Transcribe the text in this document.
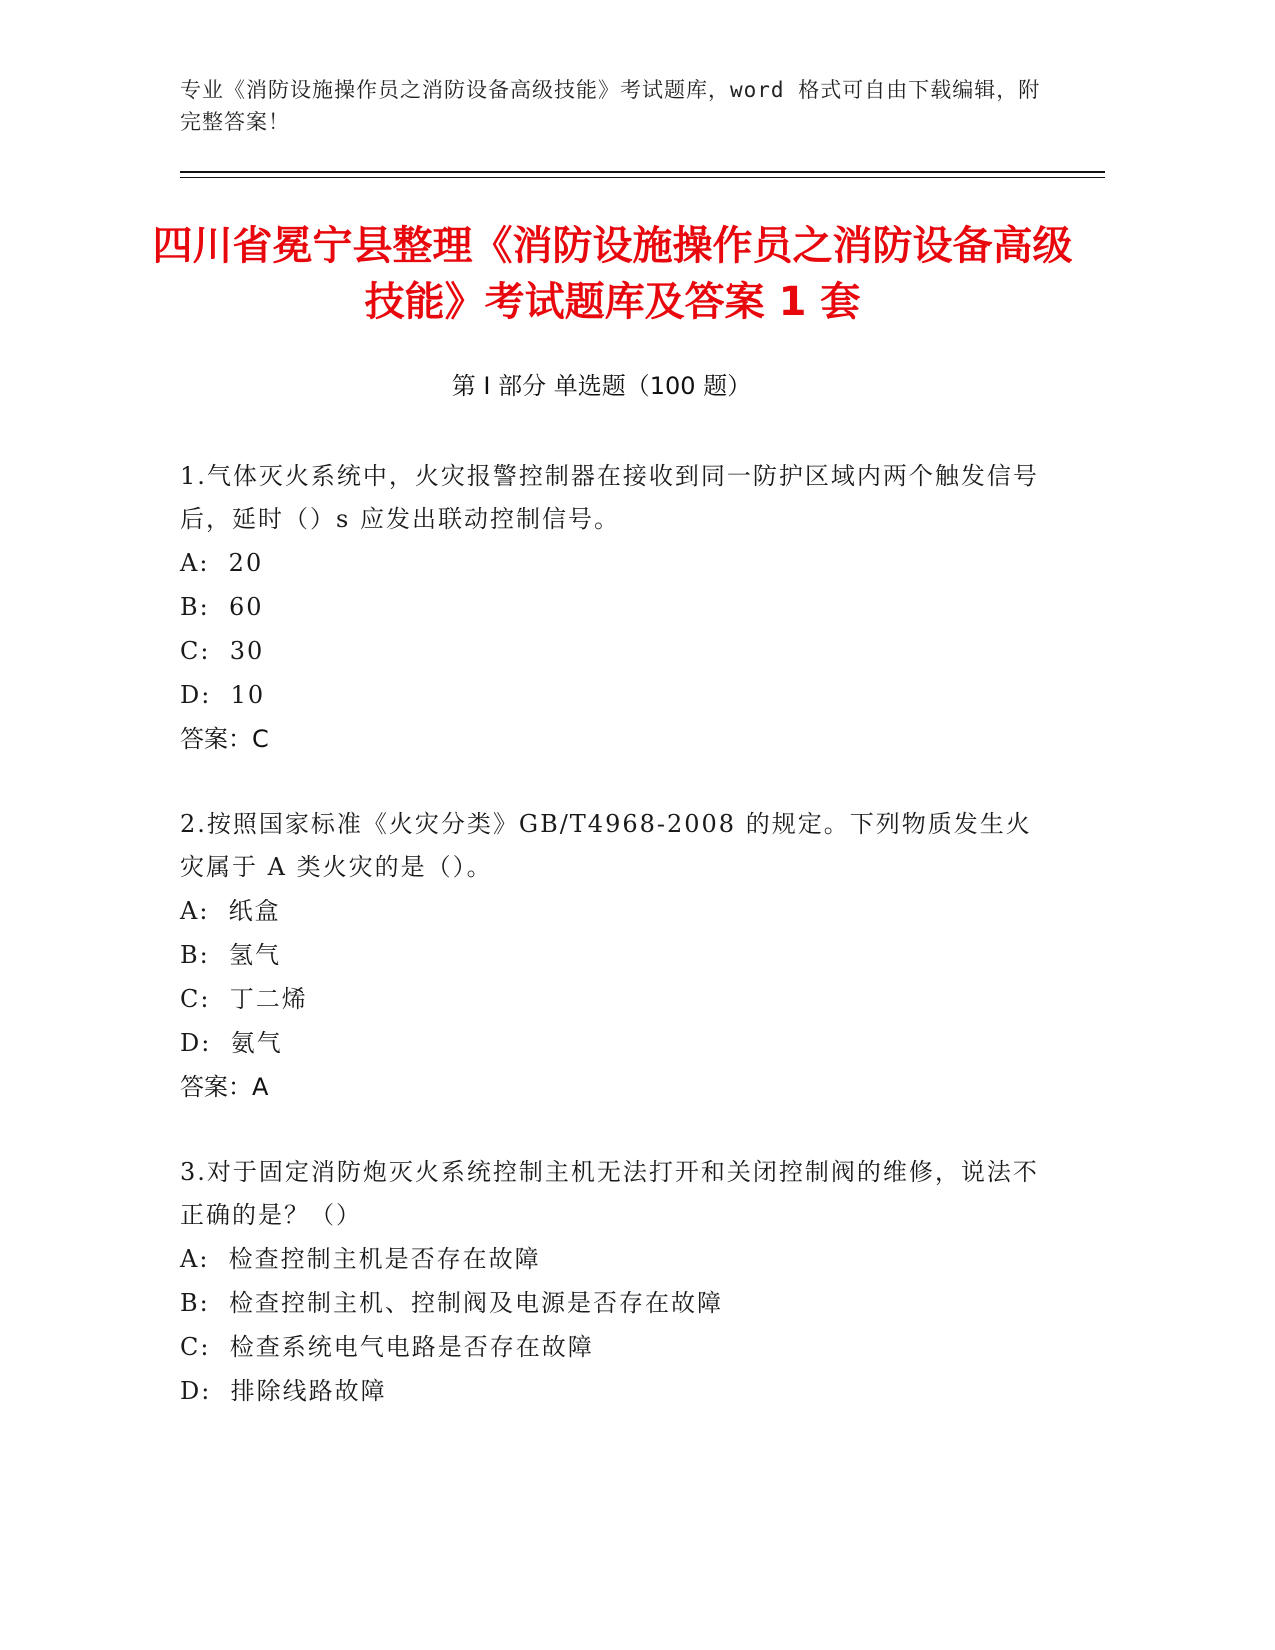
专业《消防设施操作员之消防设备高级技能》考试题库，word 格式可自由下载编辑，附完整答案！
四川省冕宁县整理《消防设施操作员之消防设备高级技能》考试题库及答案 1 套
第 I 部分 单选题（100 题）

1.气体灭火系统中，火灾报警控制器在接收到同一防护区域内两个触发信号后，延时（）s 应发出联动控制信号。

A:  20
B:  60
C:  30
D:  10
答案：C

2.按照国家标准《火灾分类》GB/T4968-2008 的规定。下列物质发生火灾属于 A 类火灾的是（）。

A:  纸盒
B:  氢气
C:  丁二烯
D:  氨气
答案：A

3.对于固定消防炮灭火系统控制主机无法打开和关闭控制阀的维修，说法不正确的是？（）

A:  检查控制主机是否存在故障
B:  检查控制主机、控制阀及电源是否存在故障
C:  检查系统电气电路是否存在故障
D:  排除线路故障
